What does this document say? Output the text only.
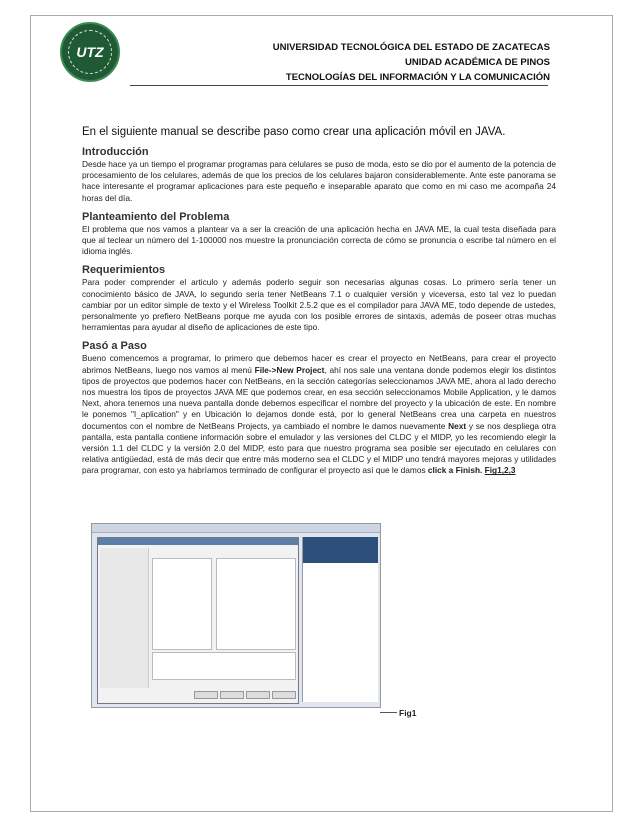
UTZ	UNIVERSIDAD TECNOLÓGICA DEL ESTADO DE ZACATECAS
UNIDAD ACADÉMICA DE PINOS
TECNOLOGÍAS DEL INFORMACIÓN Y LA COMUNICACIÓN
En el siguiente manual se describe paso como crear una aplicación móvil en JAVA.
Introducción

Desde hace ya un tiempo el programar programas para celulares se puso de moda, esto se dio por el aumento de la potencia de procesamiento de los celulares, además de que los precios de los celulares bajaron considerablemente. Ante este panorama se hace interesante el programar aplicaciones para este pequeño e inseparable aparato que como en mi caso me acompaña 24 horas del día.

Planteamiento del Problema

El problema que nos vamos a plantear va a ser la creación de una aplicación hecha en JAVA ME, la cual testa diseñada para que al teclear un número del 1-100000 nos muestre la pronunciación correcta de cómo se pronuncia o escribe tal número en el idioma inglés.

Requerimientos

Para poder comprender el articulo y además poderlo seguir son necesarias algunas cosas. Lo primero sería tener un conocimiento básico de JAVA, lo segundo seria tener NetBeans 7.1 o cualquier versión y viceversa, esto tal vez lo puedan cambiar por un editor simple de texto y el Wireless Toolkit 2.5.2 que es el compilador para JAVA ME, todo depende de ustedes, personalmente yo prefiero NetBeans porque me ayuda con los posible errores de sintaxis, además de poseer otras muchas herramientas para ayudar al diseño de aplicaciones de este tipo.

Pasó a Paso

Bueno comencemos a programar, lo primero que debemos hacer es crear el proyecto en NetBeans, para crear el proyecto abrimos NetBeans, luego nos vamos al menú File->New Project, ahí nos sale una ventana donde podemos elegir los distintos tipos de proyectos que podemos hacer con NetBeans, en la sección categorías seleccionamos JAVA ME, ahora al lado derecho nos muestra los tipos de proyectos JAVA ME que podemos crear, en esa sección seleccionamos Mobile Application, y le damos Next, ahora tenemos una nueva pantalla donde debemos especificar el nombre del proyecto y la ubicación de este. En nombre le ponemos "I_aplication" y en Ubicación lo dejamos donde está, por lo general NetBeans crea una carpeta en nuestros documentos con el nombre de NetBeans Projects, ya cambiado el nombre le damos nuevamente Next y se nos despliega otra pantalla, esta pantalla contiene información sobre el emulador y las versiones del CLDC y el MIDP, yo les recomiendo elegir la versión 1.1 del CLDC y la versión 2.0 del MIDP, esto para que nuestro programa sea posible ser ejecutado en celulares con relativa antigüedad, está de más decir que entre más moderno sea el CLDC y el MIDP uno tendrá mayores mejoras y utilidades para programar, con esto ya habríamos terminado de configurar el proyecto así que le damos click a Finish. Fig1,2,3

Fig1
